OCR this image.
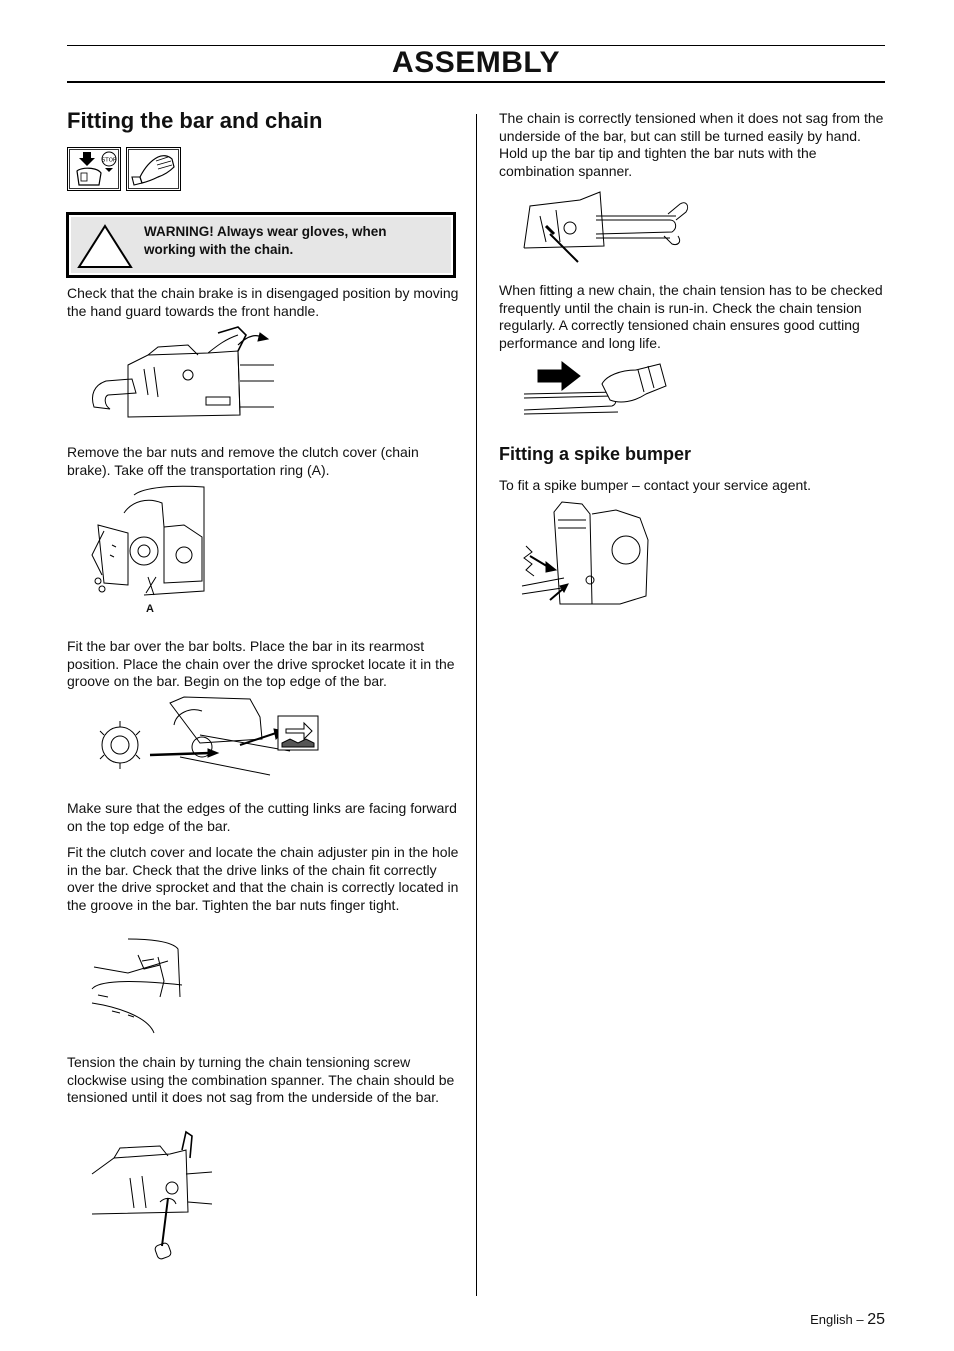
ASSEMBLY
Fitting the bar and chain
STOP
WARNING! Always wear gloves, when
working with the chain.
Check that the chain brake is in disengaged position by moving the hand guard towards the front handle.
Remove the bar nuts and remove the clutch cover (chain brake). Take off the transportation ring (A).
A
Fit the bar over the bar bolts. Place the bar in its rearmost position. Place the chain over the drive sprocket locate it in the groove on the bar. Begin on the top edge of the bar.
Make sure that the edges of the cutting links are facing forward on the top edge of the bar.
Fit the clutch cover and locate the chain adjuster pin in the hole in the bar. Check that the drive links of the chain fit correctly over the drive sprocket and that the chain is correctly located in the groove in the bar. Tighten the bar nuts finger tight.
Tension the chain by turning the chain tensioning screw clockwise using the combination spanner. The chain should be tensioned until it does not sag from the underside of the bar.
The chain is correctly tensioned when it does not sag from the underside of the bar, but can still be turned easily by hand. Hold up the bar tip and tighten the bar nuts with the combination spanner.
When fitting a new chain, the chain tension has to be checked frequently until the chain is run-in. Check the chain tension regularly. A correctly tensioned chain ensures good cutting performance and long life.
Fitting a spike bumper
To fit a spike bumper – contact your service agent.
English – 25
